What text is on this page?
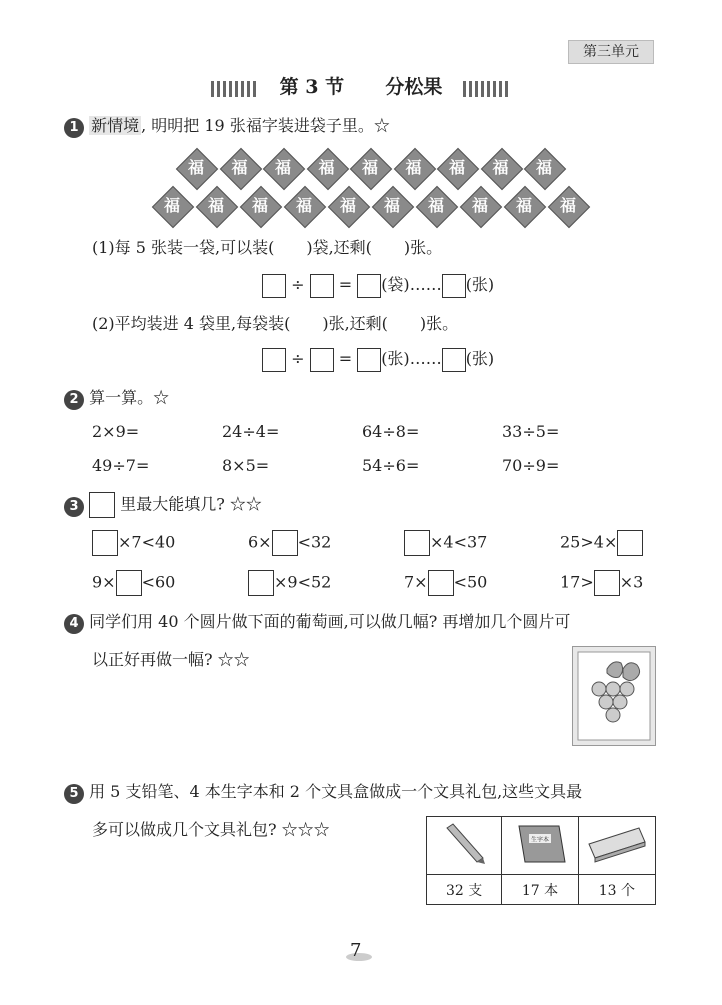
第三单元
第 3 节 分松果
1 新情境 , 明明把 19 张福字装进袋子里。☆
福	福	福	福	福	福	福	福	福
福	福	福	福	福	福	福	福	福	福
(1)每 5 张装一袋,可以装(　　)袋,还剩(　　)张。
÷ = (袋)…… (张)
(2)平均装进 4 袋里,每袋装(　　)张,还剩(　　)张。
÷ = (张)…… (张)
2 算一算。☆
2×9=	24÷4=	64÷8=	33÷5=
49÷7=	8×5=	54÷6=	70÷9=
3	里最大能填几? ☆☆
×7<40	6× <32	×4<37	25>4×
9× <60	×9<52	7× <50	17> ×3
4 同学们用 40 个圆片做下面的葡萄画,可以做几幅? 再增加几个圆片可
以正好再做一幅? ☆☆
5 用 5 支铅笔、4 本生字本和 2 个文具盒做成一个文具礼包,这些文具最
多可以做成几个文具礼包? ☆☆☆

生字本

32 支	17 本	13 个
7
